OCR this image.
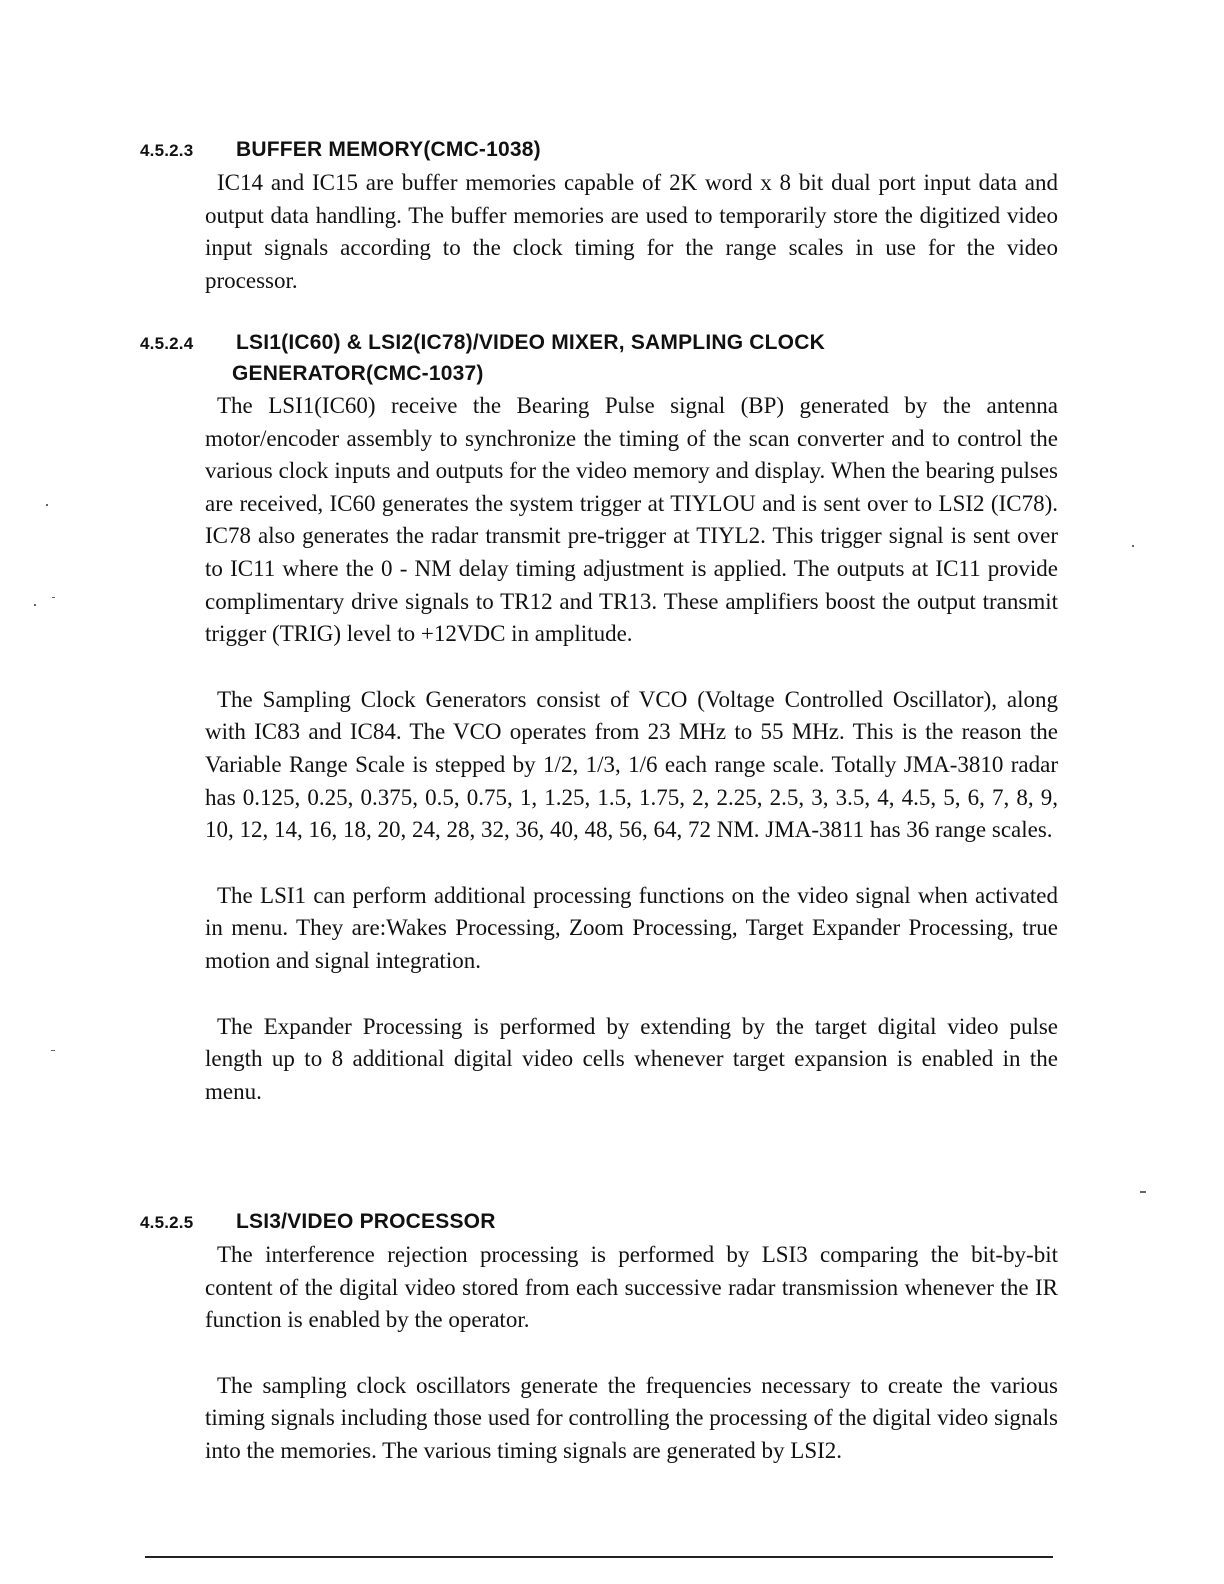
4.5.2.3 BUFFER MEMORY(CMC-1038)

IC14 and IC15 are buffer memories capable of 2K word x 8 bit dual port input data and output data handling. The buffer memories are used to temporarily store the digitized video input signals according to the clock timing for the range scales in use for the video processor.

4.5.2.4 LSI1(IC60) & LSI2(IC78)/VIDEO MIXER, SAMPLING CLOCK
GENERATOR(CMC-1037)

The LSI1(IC60) receive the Bearing Pulse signal (BP) generated by the antenna motor/encoder assembly to synchronize the timing of the scan converter and to control the various clock inputs and outputs for the video memory and display. When the bearing pulses are received, IC60 generates the system trigger at TIYLOU and is sent over to LSI2 (IC78). IC78 also generates the radar transmit pre-trigger at TIYL2. This trigger signal is sent over to IC11 where the 0 - NM delay timing adjustment is applied. The outputs at IC11 provide complimentary drive signals to TR12 and TR13. These amplifiers boost the output transmit trigger (TRIG) level to +12VDC in amplitude.

The Sampling Clock Generators consist of VCO (Voltage Controlled Oscillator), along with IC83 and IC84. The VCO operates from 23 MHz to 55 MHz. This is the reason the Variable Range Scale is stepped by 1/2, 1/3, 1/6 each range scale. Totally JMA-3810 radar has 0.125, 0.25, 0.375, 0.5, 0.75, 1, 1.25, 1.5, 1.75, 2, 2.25, 2.5, 3, 3.5, 4, 4.5, 5, 6, 7, 8, 9, 10, 12, 14, 16, 18, 20, 24, 28, 32, 36, 40, 48, 56, 64, 72 NM. JMA-3811 has 36 range scales.

The LSI1 can perform additional processing functions on the video signal when activated in menu. They are:Wakes Processing, Zoom Processing, Target Expander Processing, true motion and signal integration.

The Expander Processing is performed by extending by the target digital video pulse length up to 8 additional digital video cells whenever target expansion is enabled in the menu.

4.5.2.5 LSI3/VIDEO PROCESSOR

The interference rejection processing is performed by LSI3 comparing the bit-by-bit content of the digital video stored from each successive radar transmission whenever the IR function is enabled by the operator.

The sampling clock oscillators generate the frequencies necessary to create the various timing signals including those used for controlling the processing of the digital video signals into the memories. The various timing signals are generated by LSI2.
